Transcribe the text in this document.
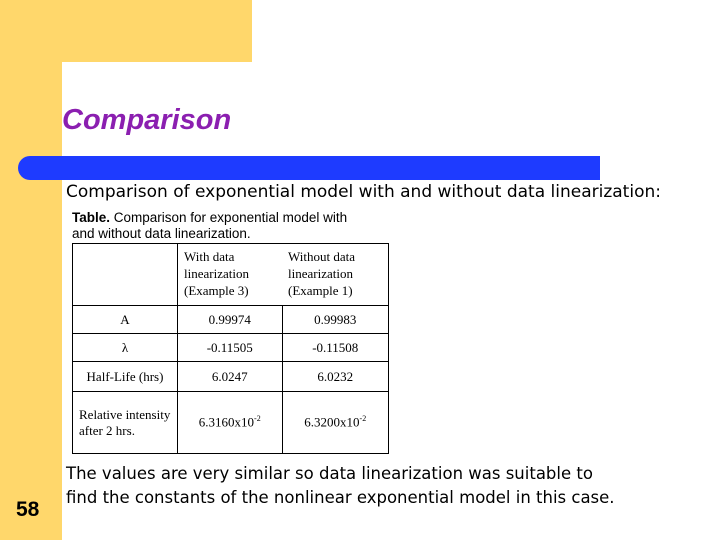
Comparison
Comparison of exponential model with and without data linearization:
Table. Comparison for exponential model with and without data linearization.
	With data linearization (Example 3)	Without data linearization (Example 1)
A	0.99974	0.99983
λ	-0.11505	-0.11508
Half-Life (hrs)	6.0247	6.0232
Relative intensity after 2 hrs.	$6.3160x10^{-2}$	$6.3200x10^{-2}$
The values are very similar so data linearization was suitable to find the constants of the nonlinear exponential model in this case.
58
